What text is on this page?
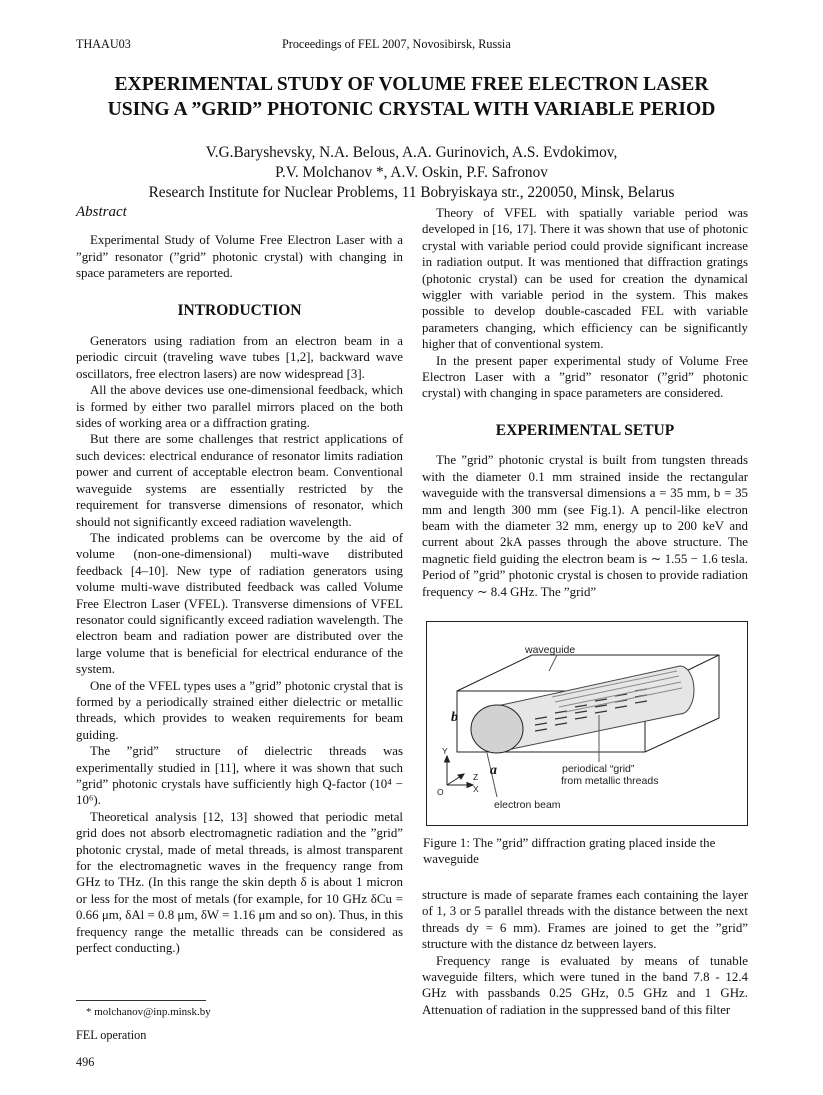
THAAU03	Proceedings of FEL 2007, Novosibirsk, Russia
EXPERIMENTAL STUDY OF VOLUME FREE ELECTRON LASER
USING A ”GRID” PHOTONIC CRYSTAL WITH VARIABLE PERIOD
V.G.Baryshevsky, N.A. Belous, A.A. Gurinovich, A.S. Evdokimov,
P.V. Molchanov *, A.V. Oskin, P.F. Safronov
Research Institute for Nuclear Problems, 11 Bobryiskaya str., 220050, Minsk, Belarus
Abstract

Experimental Study of Volume Free Electron Laser with a ”grid” resonator (”grid” photonic crystal) with changing in space parameters are reported.

INTRODUCTION

Generators using radiation from an electron beam in a periodic circuit (traveling wave tubes [1,2], backward wave oscillators, free electron lasers) are now widespread [3].

All the above devices use one-dimensional feedback, which is formed by either two parallel mirrors placed on the both sides of working area or a diffraction grating.

But there are some challenges that restrict applications of such devices: electrical endurance of resonator limits radiation power and current of acceptable electron beam. Conventional waveguide systems are essentially restricted by the requirement for transverse dimensions of resonator, which should not significantly exceed radiation wavelength.

The indicated problems can be overcome by the aid of volume (non-one-dimensional) multi-wave distributed feedback [4–10]. New type of radiation generators using volume multi-wave distributed feedback was called Volume Free Electron Laser (VFEL). Transverse dimensions of VFEL resonator could significantly exceed radiation wavelength. The electron beam and radiation power are distributed over the large volume that is beneficial for electrical endurance of the system.

One of the VFEL types uses a ”grid” photonic crystal that is formed by a periodically strained either dielectric or metallic threads, which provides to weaken requirements for beam guiding.

The ”grid” structure of dielectric threads was experimentally studied in [11], where it was shown that such ”grid” photonic crystals have sufficiently high Q-factor (10⁴ − 10⁶).

Theoretical analysis [12, 13] showed that periodic metal grid does not absorb electromagnetic radiation and the ”grid” photonic crystal, made of metal threads, is almost transparent for the electromagnetic waves in the frequency range from GHz to THz. (In this range the skin depth δ is about 1 micron or less for the most of metals (for example, for 10 GHz δCu = 0.66 μm, δAl = 0.8 μm, δW = 1.16 μm and so on). Thus, in this frequency range the metallic threads can be considered as perfect conducting.)

Theory of VFEL with spatially variable period was developed in [16, 17]. There it was shown that use of photonic crystal with variable period could provide significant increase in radiation output. It was mentioned that diffraction gratings (photonic crystal) can be used for creation the dynamical wiggler with variable period in the system. This makes possible to develop double-cascaded FEL with variable parameters changing, which efficiency can be significantly higher that of conventional system.

In the present paper experimental study of Volume Free Electron Laser with a ”grid” resonator (”grid” photonic crystal) with changing in space parameters are considered.

EXPERIMENTAL SETUP

The ”grid” photonic crystal is built from tungsten threads with the diameter 0.1 mm strained inside the rectangular waveguide with the transversal dimensions a = 35 mm, b = 35 mm and length 300 mm (see Fig.1). A pencil-like electron beam with the diameter 32 mm, energy up to 200 keV and current about 2kA passes through the above structure. The magnetic field guiding the electron beam is ∼ 1.55 − 1.6 tesla. Period of ”grid” photonic crystal is chosen to provide radiation frequency ∼ 8.4 GHz. The ”grid”

waveguide
periodical “grid”
from metallic threads
electron beam
Y
Z
X
O
b
a
Figure 1: The ”grid” diffraction grating placed inside the waveguide

structure is made of separate frames each containing the layer of 1, 3 or 5 parallel threads with the distance between the next threads dy = 6 mm). Frames are joined to get the ”grid” structure with the distance dz between layers.

Frequency range is evaluated by means of tunable waveguide filters, which were tuned in the band 7.8 - 12.4 GHz with passbands 0.25 GHz, 0.5 GHz and 1 GHz. Attenuation of radiation in the suppressed band of this filter

* molchanov@inp.minsk.by
FEL operation
496
